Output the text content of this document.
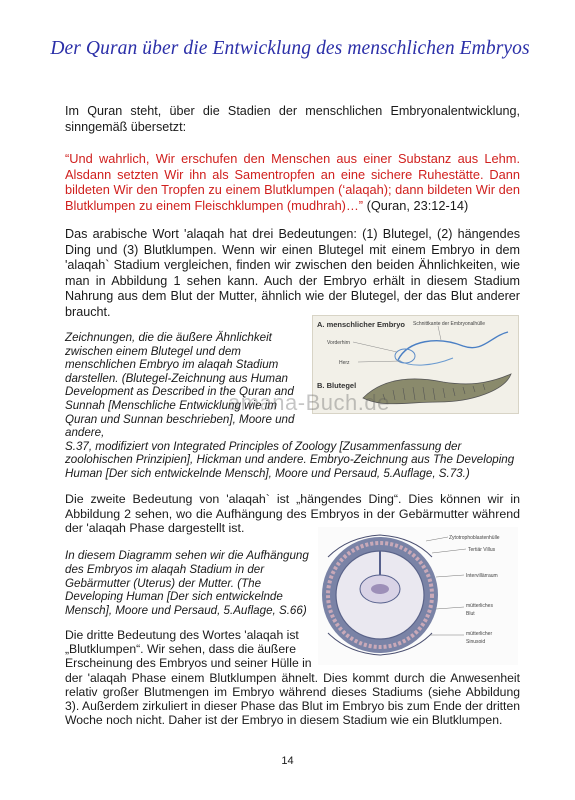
Der Quran über die Entwicklung des menschlichen Embryos
Im Quran steht, über die Stadien der menschlichen Embryonalentwicklung, sinngemäß übersetzt:
“Und wahrlich, Wir erschufen den Menschen aus einer Substanz aus Lehm. Alsdann setzten Wir ihn als Samentropfen an eine sichere Ruhestätte. Dann bildeten Wir den Tropfen zu einem Blutklumpen (‘alaqah); dann bildeten Wir den Blutklumpen zu einem Fleischklumpen (mudhrah)…” (Quran, 23:12-14)
Das arabische Wort 'alaqah hat drei Bedeutungen: (1) Blutegel, (2) hängendes Ding und (3) Blutklumpen. Wenn wir einen Blutegel mit einem Embryo in dem 'alaqah` Stadium vergleichen, finden wir zwischen den beiden Ähnlichkeiten, wie man in Abbildung 1 sehen kann. Auch der Embryo erhält in diesem Stadium Nahrung aus dem Blut der Mutter, ähnlich wie der Blutegel, der das Blut anderer braucht.
Zeichnungen, die die äußere Ähnlichkeit zwischen einem Blutegel und dem menschlichen Embryo im alaqah Stadium darstellen. (Blutegel-Zeichnung aus Human Development as Described in the Quran and Sunnah [Menschliche Entwicklung wie im Quran und Sunnan beschrieben], Moore und andere,
S.37, modifiziert von Integrated Principles of Zoology [Zusammenfassung der zoolohischen Prinzipien], Hickman und andere. Embryo-Zeichnung aus The Developing Human [Der sich entwickelnde Mensch], Moore und Persaud, 5.Auflage, S.73.)
A. menschlicher Embryo Schnittkante der Embryonalhülle
Vorderhirn
Herz
B. Blutegel
amana-Buch.de
Die zweite Bedeutung von 'alaqah` ist „hängendes Ding“. Dies können wir in Abbildung 2 sehen, wo die Aufhängung des Embryos in der Gebärmutter während der 'alaqah Phase dargestellt ist.
In diesem Diagramm sehen wir die Aufhängung des Embryos im alaqah Stadium in der Gebärmutter (Uterus) der Mutter. (The Developing Human [Der sich entwickelnde Mensch], Moore und Persaud, 5.Auflage, S.66)
Zytotrophoblastenhülle
Tertiär Villus
Intervillärraum
mütterliches
Blut
mütterlicher
Sinusoid
Die dritte Bedeutung des Wortes 'alaqah ist „Blutklumpen“. Wir sehen, dass die äußere Erscheinung des Embryos und seiner Hülle in
der 'alaqah Phase einem Blutklumpen ähnelt. Dies kommt durch die Anwesenheit relativ großer Blutmengen im Embryo während dieses Stadiums (siehe Abbildung 3). Außerdem zirkuliert in dieser Phase das Blut im Embryo bis zum Ende der dritten Woche noch nicht. Daher ist der Embryo in diesem Stadium wie ein Blutklumpen.
14
